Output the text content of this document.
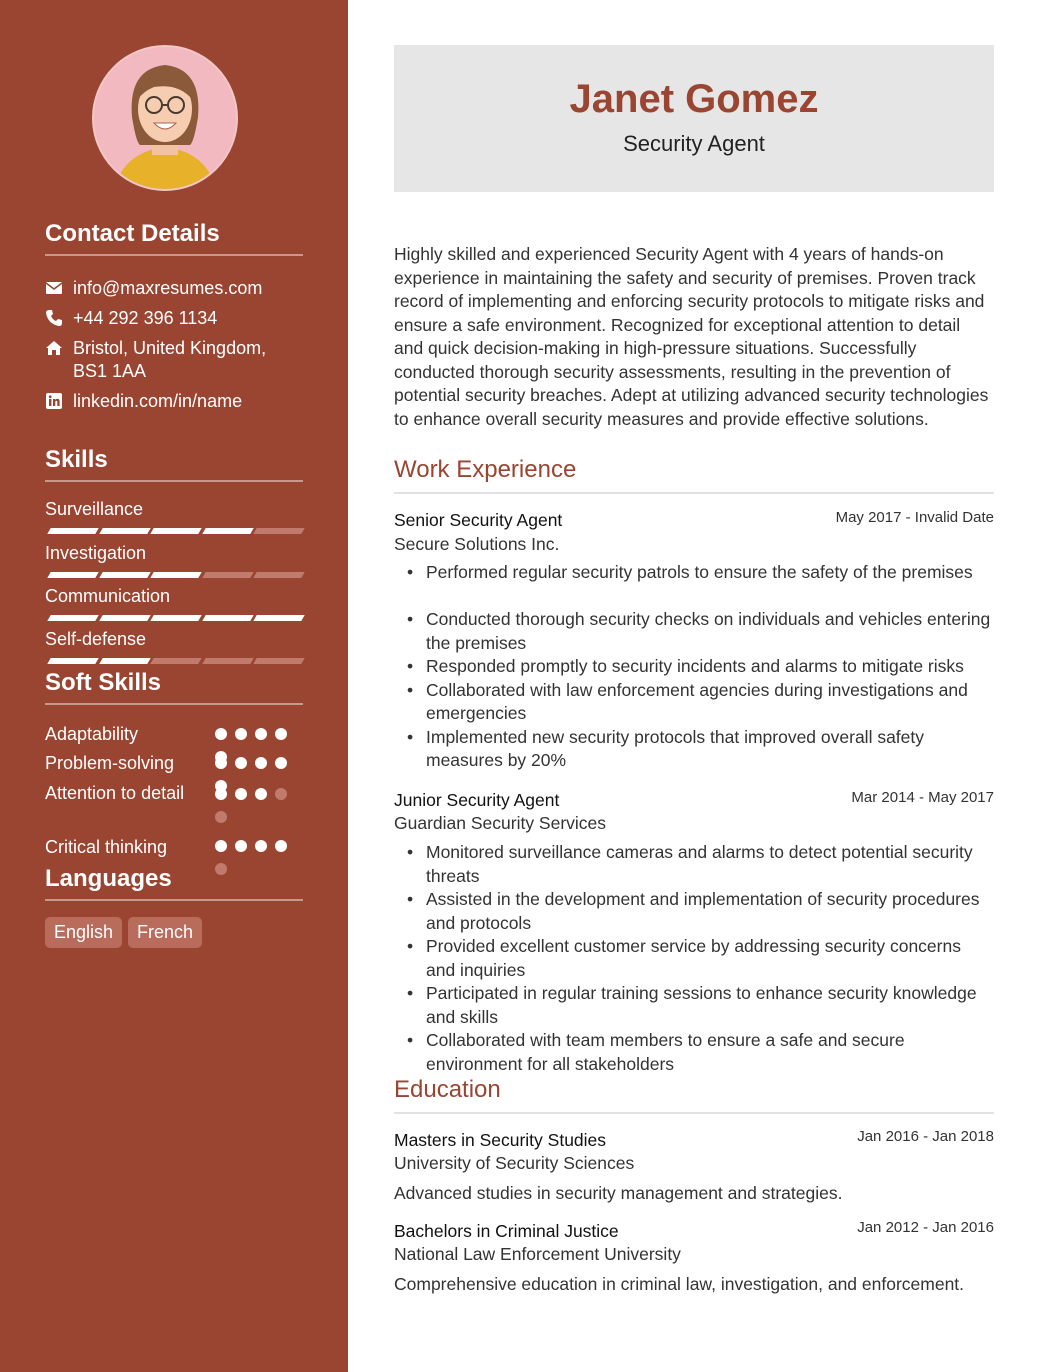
Contact Details
info@maxresumes.com
+44 292 396 1134
Bristol, United Kingdom, BS1 1AA
linkedin.com/in/name
Skills
Surveillance
Investigation
Communication
Self-defense
Soft Skills
Adaptability
Problem-solving
Attention to detail
Critical thinking
Languages
English	French
Janet Gomez
Security Agent
Highly skilled and experienced Security Agent with 4 years of hands-on experience in maintaining the safety and security of premises. Proven track record of implementing and enforcing security protocols to mitigate risks and ensure a safe environment. Recognized for exceptional attention to detail and quick decision-making in high-pressure situations. Successfully conducted thorough security assessments, resulting in the prevention of potential security breaches. Adept at utilizing advanced security technologies to enhance overall security measures and provide effective solutions.
Work Experience
Senior Security Agent	May 2017 - Invalid Date
Secure Solutions Inc.
• Performed regular security patrols to ensure the safety of the premises
• Conducted thorough security checks on individuals and vehicles entering the premises
• Responded promptly to security incidents and alarms to mitigate risks
• Collaborated with law enforcement agencies during investigations and emergencies
• Implemented new security protocols that improved overall safety measures by 20%
Junior Security Agent	Mar 2014 - May 2017
Guardian Security Services
• Monitored surveillance cameras and alarms to detect potential security threats
• Assisted in the development and implementation of security procedures and protocols
• Provided excellent customer service by addressing security concerns and inquiries
• Participated in regular training sessions to enhance security knowledge and skills
• Collaborated with team members to ensure a safe and secure environment for all stakeholders
Education
Masters in Security Studies	Jan 2016 - Jan 2018
University of Security Sciences
Advanced studies in security management and strategies.
Bachelors in Criminal Justice	Jan 2012 - Jan 2016
National Law Enforcement University
Comprehensive education in criminal law, investigation, and enforcement.
